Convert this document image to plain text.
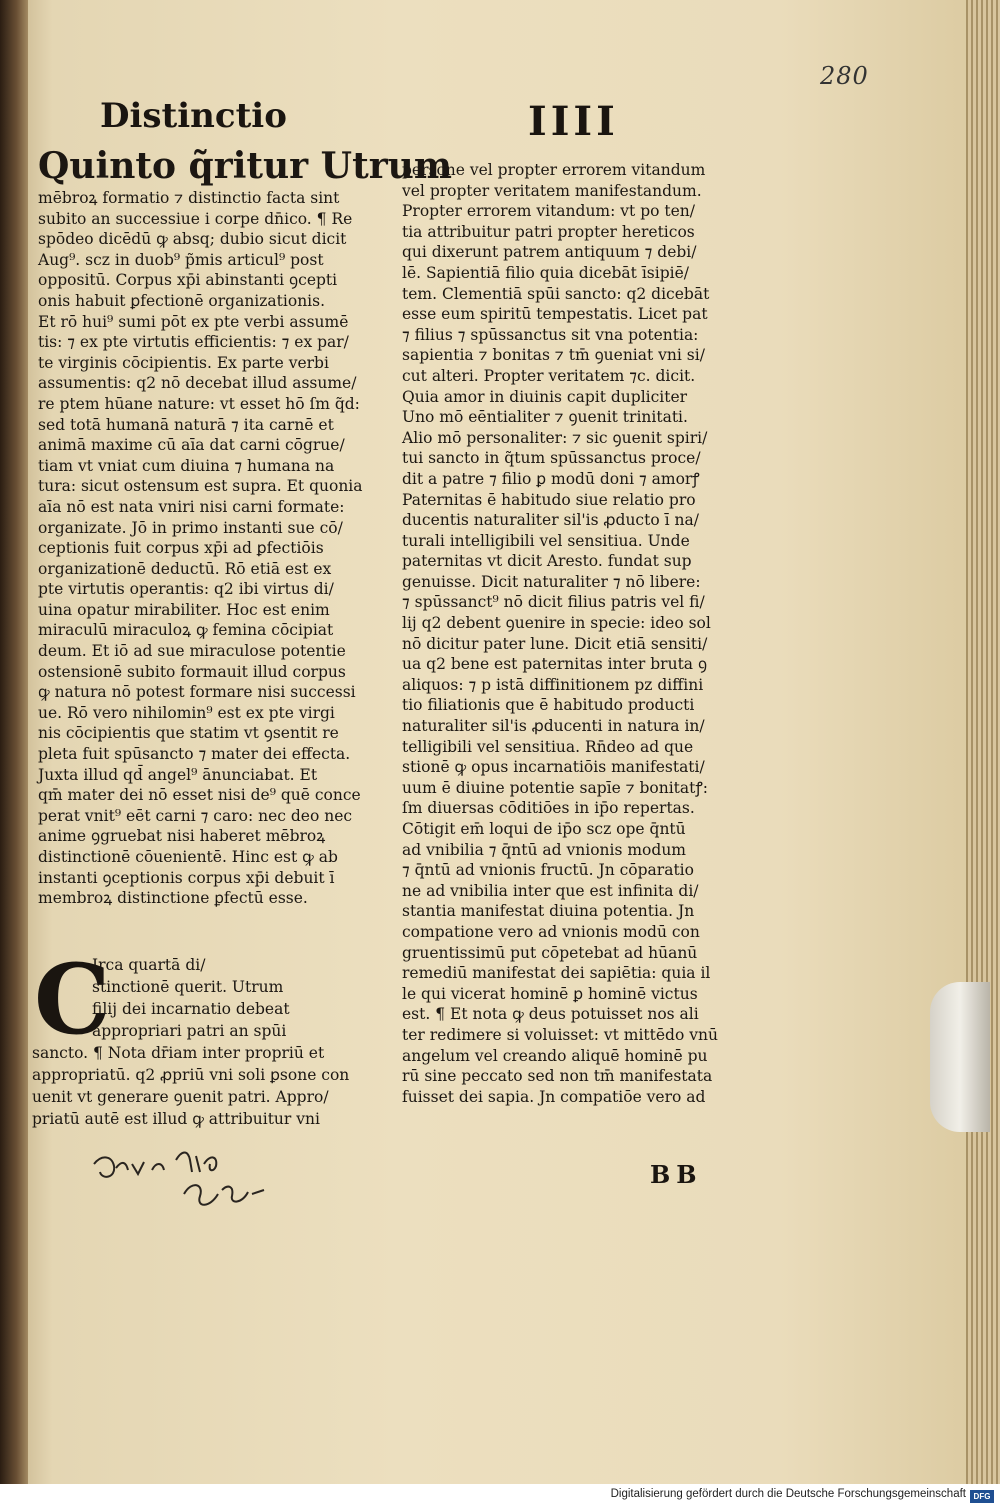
280
Distinctio	IIII
Quinto q̃ritur Utrum
mēbroꝝ formatio ⁊ distinctio facta sint
subito an successiue i corpe dn̄ico. ¶ Re
spōdeo dicēdū ꝙ absq; dubio sicut dicit
Aug⁹. scz in duob⁹ p̃mis articul⁹ post
oppositū. Corpus xp̄i abinstanti ꝯcepti
onis habuit ꝑfectionē organizationis.
Et rō hui⁹ sumi pōt ex pte verbi assumē
tis: ⁊ ex pte virtutis efficientis: ⁊ ex par/
te virginis cōcipientis. Ex parte verbi
assumentis: q2 nō decebat illud assume/
re ptem hūane nature: vt esset hō ſm q̃d:
sed totā humanā naturā ⁊ ita carnē et
animā maxime cū aīa dat carni cōgrue/
tiam vt vniat cum diuina ⁊ humana na
tura: sicut ostensum est supra. Et quonia
aīa nō est nata vniri nisi carni formate:
organizate. Jō in primo instanti sue cō/
ceptionis fuit corpus xp̄i ad ꝑfectiōis
organizationē deductū. Rō etiā est ex
pte virtutis operantis: q2 ibi virtus di/
uina opatur mirabiliter. Hoc est enim
miraculū miraculoꝝ ꝙ femina cōcipiat
deum. Et iō ad sue miraculose potentie
ostensionē subito formauit illud corpus
ꝙ natura nō potest formare nisi successi
ue. Rō vero nihilomin⁹ est ex pte virgi
nis cōcipientis que statim vt ꝯsentit re
pleta fuit spūsancto ⁊ mater dei effecta.
Juxta illud qd̄ angel⁹ ānunciabat. Et
qm̄ mater dei nō esset nisi de⁹ quē conce
perat vnit⁹ eēt carni ⁊ caro: nec deo nec
anime ꝯgruebat nisi haberet mēbroꝝ
distinctionē cōuenientē. Hinc est ꝙ ab
instanti ꝯceptionis corpus xp̄i debuit ī
membroꝝ distinctione ꝑfectū esse.
C
Irca quartā di/
stinctionē querit. Utrum
filij dei incarnatio debeat
appropriari patri an spūi
sancto. ¶ Nota dr̄iam inter propriū et
appropriatū. q2 ꝓpriū vni soli ꝑsone con
uenit vt generare ꝯuenit patri. Appro/
priatū autē est illud ꝙ attribuitur vni
persone vel propter errorem vitandum
vel propter veritatem manifestandum.
Propter errorem vitandum: vt po ten/
tia attribuitur patri propter hereticos
qui dixerunt patrem antiquum ⁊ debi/
lē. Sapientiā filio quia dicebāt īsipiē/
tem. Clementiā spūi sancto: q2 dicebāt
esse eum spiritū tempestatis. Licet pat
⁊ filius ⁊ spūssanctus sit vna potentia:
sapientia ⁊ bonitas ⁊ tm̄ ꝯueniat vni si/
cut alteri. Propter veritatem ⁊c. dicit.
Quia amor in diuinis capit dupliciter
Uno mō eēntialiter ⁊ ꝯuenit trinitati.
Alio mō personaliter: ⁊ sic ꝯuenit spiri/
tui sancto in q̃tum spūssanctus proce/
dit a patre ⁊ filio ꝑ modū doni ⁊ amorꝭ
Paternitas ē habitudo siue relatio pro
ducentis naturaliter sil'is ꝓducto ī na/
turali intelligibili vel sensitiua. Unde
paternitas vt dicit Aresto. fundat sup
genuisse. Dicit naturaliter ⁊ nō libere:
⁊ spūssanct⁹ nō dicit filius patris vel fi/
lij q2 debent ꝯuenire in specie: ideo sol
nō dicitur pater lune. Dicit etiā sensiti/
ua q2 bene est paternitas inter bruta ꝯ
aliquos: ⁊ p istā diffinitionem pz diffini
tio filiationis que ē habitudo producti
naturaliter sil'is ꝓducenti in natura in/
telligibili vel sensitiua. Rn̄deo ad que
stionē ꝙ opus incarnatiōis manifestati/
uum ē diuine potentie sapīe ⁊ bonitatꝭ:
ſm diuersas cōditiōes in ip̄o repertas.
Cōtigit em̄ loqui de ip̄o scz ope q̄ntū
ad vnibilia ⁊ q̄ntū ad vnionis modum
⁊ q̄ntū ad vnionis fructū. Jn cōparatio
ne ad vnibilia inter que est infinita di/
stantia manifestat diuina potentia. Jn
compatione vero ad vnionis modū con
gruentissimū put cōpetebat ad hūanū
remediū manifestat dei sapiētia: quia il
le qui vicerat hominē ꝑ hominē victus
est. ¶ Et nota ꝙ deus potuisset nos ali
ter redimere si voluisset: vt mittēdo vnū
angelum vel creando aliquē hominē pu
rū sine peccato sed non tm̄ manifestata
fuisset dei sapia. Jn compatiōe vero ad
BB
Digitalisierung gefördert durch die Deutsche Forschungsgemeinschaft DFG
